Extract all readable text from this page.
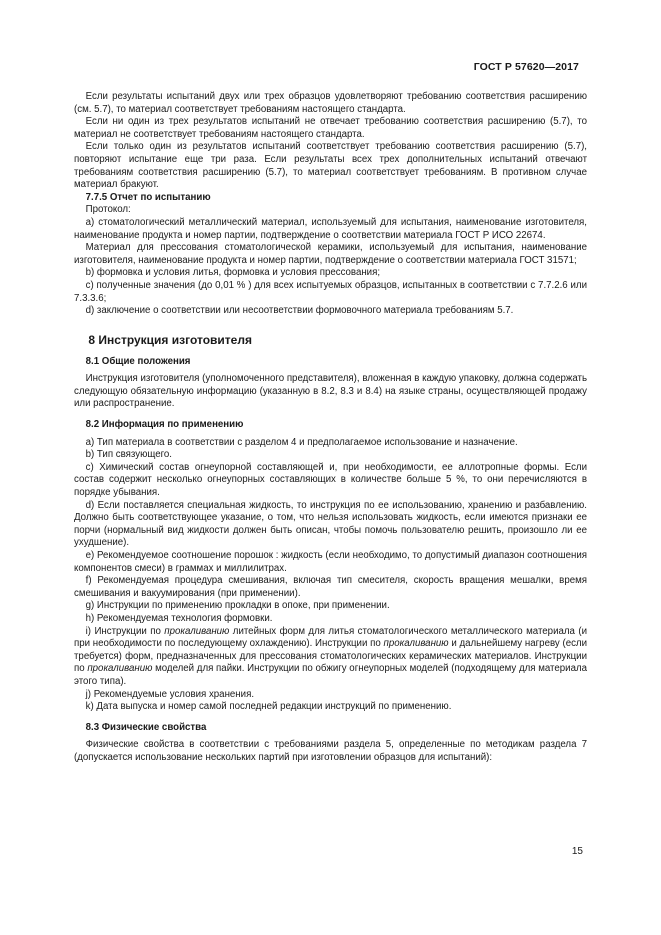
ГОСТ Р 57620—2017

Если результаты испытаний двух или трех образцов удовлетворяют требованию соответствия расширению (см. 5.7), то материал соответствует требованиям настоящего стандарта.

Если ни один из трех результатов испытаний не отвечает требованию соответствия расширению (5.7), то материал не соответствует требованиям настоящего стандарта.

Если только один из результатов испытаний соответствует требованию соответствия расширению (5.7), повторяют испытание еще три раза. Если результаты всех трех дополнительных испытаний отвечают требованиям соответствия расширению (5.7), то материал соответствует требованиям. В противном случае материал бракуют.

7.7.5 Отчет по испытанию

Протокол:

а) стоматологический металлический материал, используемый для испытания, наименование изготовителя, наименование продукта и номер партии, подтверждение о соответствии материала ГОСТ Р ИСО 22674.

Материал для прессования стоматологической керамики, используемый для испытания, наименование изготовителя, наименование продукта и номер партии, подтверждение о соответствии материала ГОСТ 31571;

b) формовка и условия литья, формовка и условия прессования;

c) полученные значения (до 0,01 % ) для всех испытуемых образцов, испытанных в соответствии с 7.7.2.6 или 7.3.3.6;

d) заключение о соответствии или несоответствии формовочного материала требованиям 5.7.

8 Инструкция изготовителя

8.1 Общие положения

Инструкция изготовителя (уполномоченного представителя), вложенная в каждую упаковку, должна содержать следующую обязательную информацию (указанную в 8.2, 8.3 и 8.4) на языке страны, осуществляющей продажу или распространение.

8.2 Информация по применению

a) Тип материала в соответствии с разделом 4 и предполагаемое использование и назначение.

b) Тип связующего.

c) Химический состав огнеупорной составляющей и, при необходимости, ее аллотропные формы. Если состав содержит несколько огнеупорных составляющих в количестве больше 5 %, то они перечисляются в порядке убывания.

d) Если поставляется специальная жидкость, то инструкция по ее использованию, хранению и разбавлению. Должно быть соответствующее указание, о том, что нельзя использовать жидкость, если имеются признаки ее порчи (нормальный вид жидкости должен быть описан, чтобы помочь пользователю решить, произошло ли ее ухудшение).

e) Рекомендуемое соотношение порошок : жидкость (если необходимо, то допустимый диапазон соотношения компонентов смеси) в граммах и миллилитрах.

f) Рекомендуемая процедура смешивания, включая тип смесителя, скорость вращения мешалки, время смешивания и вакуумирования (при применении).

g) Инструкции по применению прокладки в опоке, при применении.

h) Рекомендуемая технология формовки.

i) Инструкции по прокаливанию литейных форм для литья стоматологического металлического материала (и при необходимости по последующему охлаждению). Инструкции по прокаливанию и дальнейшему нагреву (если требуется) форм, предназначенных для прессования стоматологических керамических материалов. Инструкции по прокаливанию моделей для пайки. Инструкции по обжигу огнеупорных моделей (подходящему для материала этого типа).

j) Рекомендуемые условия хранения.

k) Дата выпуска и номер самой последней редакции инструкций по применению.

8.3 Физические свойства

Физические свойства в соответствии с требованиями раздела 5, определенные по методикам раздела 7 (допускается использование нескольких партий при изготовлении образцов для испытаний):

15
